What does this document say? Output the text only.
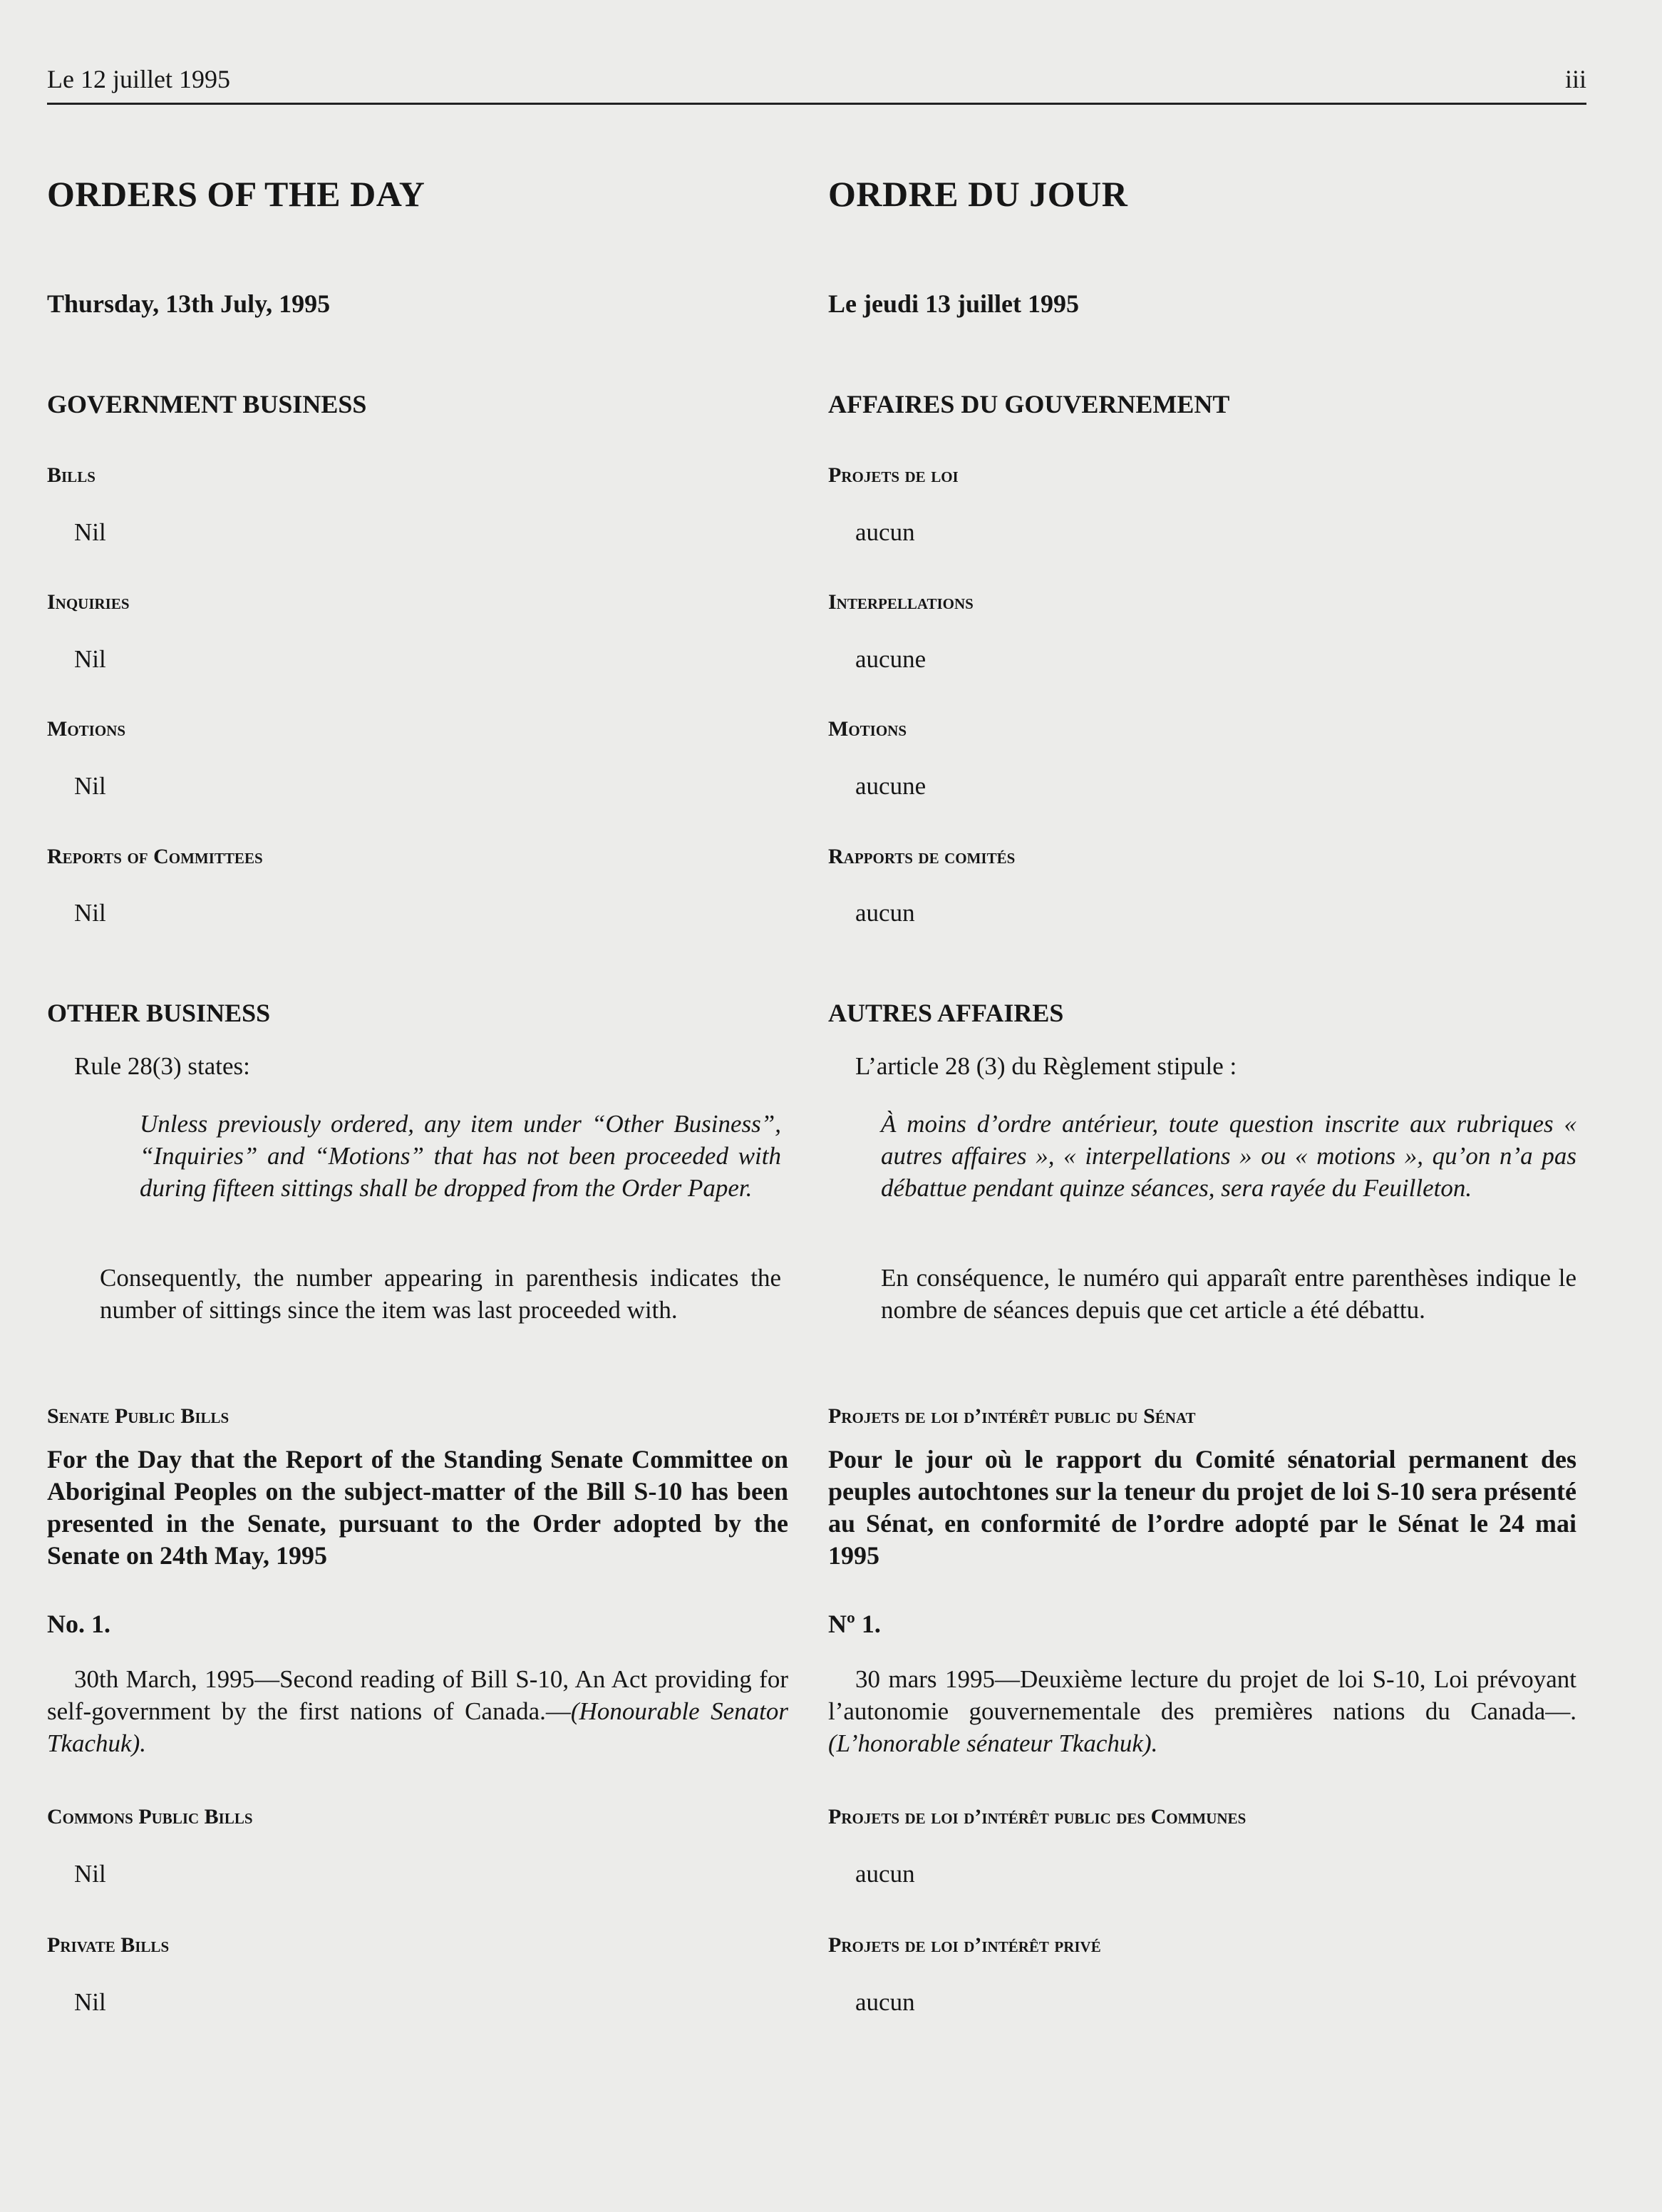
Le 12 juillet 1995	iii
ORDERS OF THE DAY
Thursday, 13th July, 1995
GOVERNMENT BUSINESS
Bills
Nil
Inquiries
Nil
Motions
Nil
Reports of Committees
Nil
OTHER BUSINESS
Rule 28(3) states:
Unless previously ordered, any item under “Other Business”, “Inquiries” and “Motions” that has not been proceeded with during fifteen sittings shall be dropped from the Order Paper.
Consequently, the number appearing in parenthesis indicates the number of sittings since the item was last proceeded with.
Senate Public Bills
For the Day that the Report of the Standing Senate Committee on Aboriginal Peoples on the subject-matter of the Bill S-10 has been presented in the Senate, pursuant to the Order adopted by the Senate on 24th May, 1995
No. 1.
30th March, 1995—Second reading of Bill S-10, An Act providing for self-government by the first nations of Canada.—(Honourable Senator Tkachuk).
Commons Public Bills
Nil
Private Bills
Nil
ORDRE DU JOUR
Le jeudi 13 juillet 1995
AFFAIRES DU GOUVERNEMENT
Projets de loi
aucun
Interpellations
aucune
Motions
aucune
Rapports de comités
aucun
AUTRES AFFAIRES
L’article 28 (3) du Règlement stipule :
À moins d’ordre antérieur, toute question inscrite aux rubriques « autres affaires », « interpellations » ou « motions », qu’on n’a pas débattue pendant quinze séances, sera rayée du Feuilleton.
En conséquence, le numéro qui apparaît entre parenthèses indique le nombre de séances depuis que cet article a été débattu.
Projets de loi d’intérêt public du Sénat
Pour le jour où le rapport du Comité sénatorial permanent des peuples autochtones sur la teneur du projet de loi S-10 sera présenté au Sénat, en conformité de l’ordre adopté par le Sénat le 24 mai 1995
Nº 1.
30 mars 1995—Deuxième lecture du projet de loi S-10, Loi prévoyant l’autonomie gouvernementale des premières nations du Canada—.(L’honorable sénateur Tkachuk).
Projets de loi d’intérêt public des Communes
aucun
Projets de loi d’intérêt privé
aucun
